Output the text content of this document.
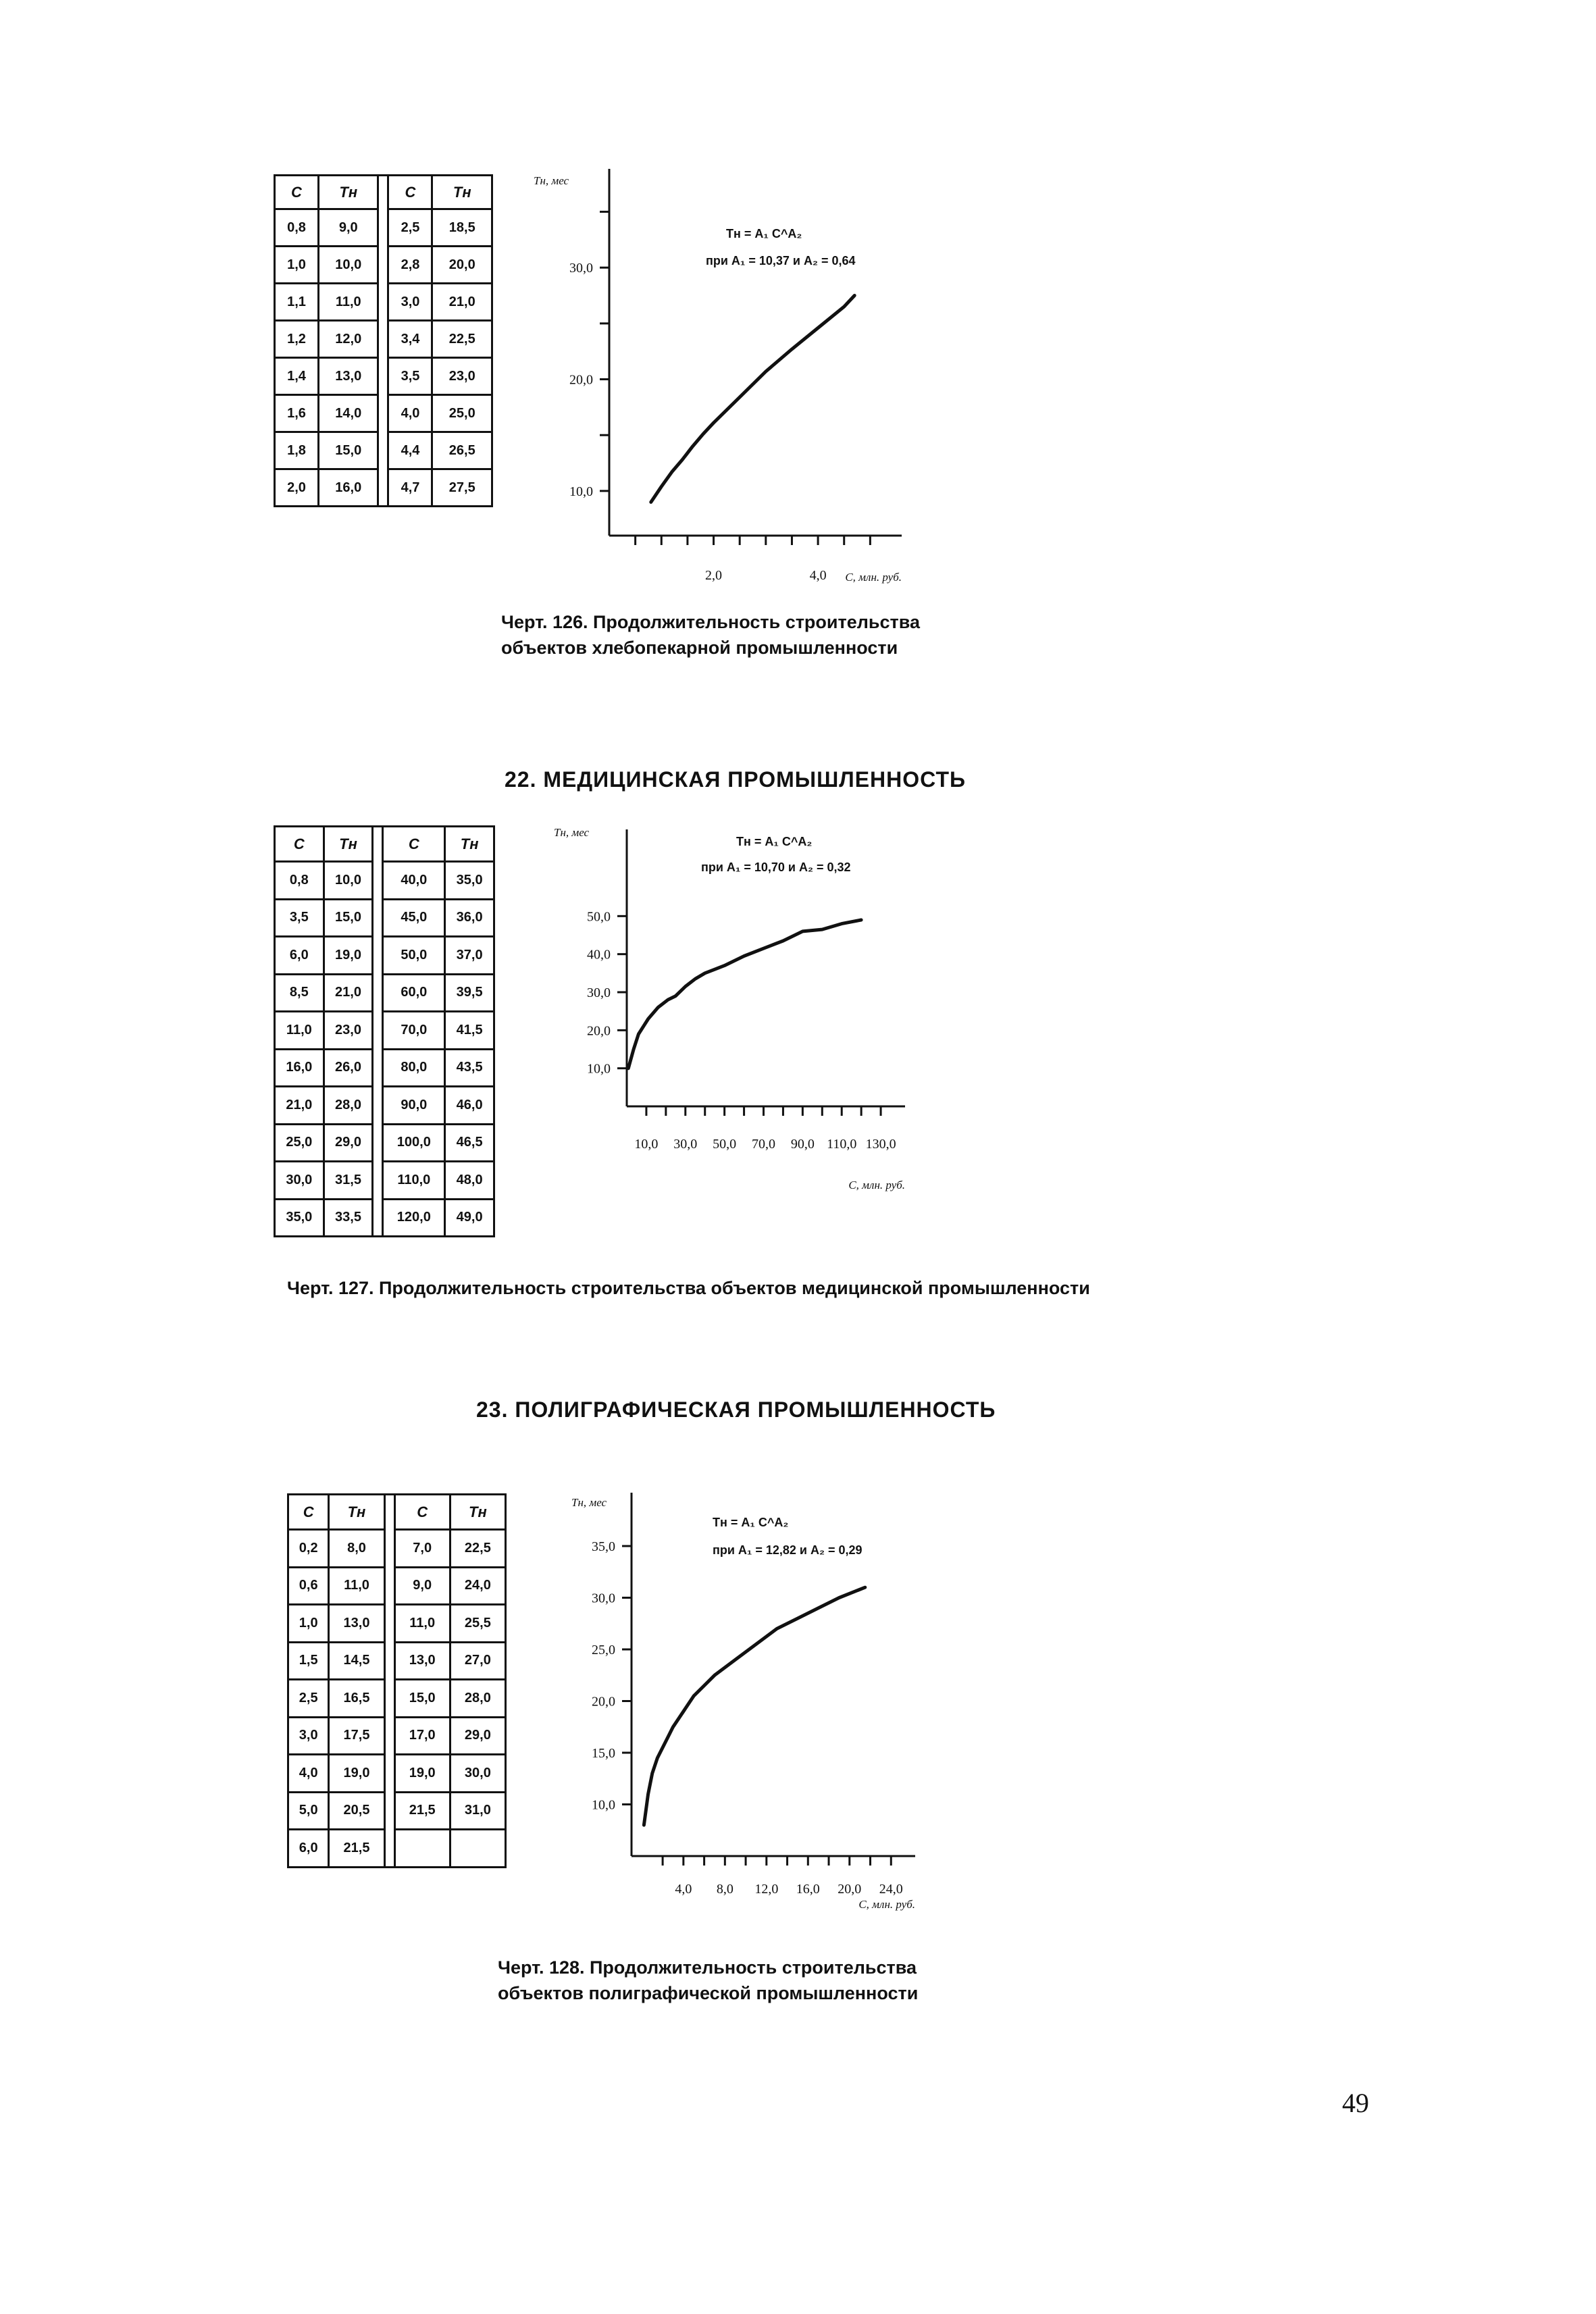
C	Tн		C	Tн
0,8	9,0		2,5	18,5
1,0	10,0		2,8	20,0
1,1	11,0		3,0	21,0
1,2	12,0		3,4	22,5
1,4	13,0		3,5	23,0
1,6	14,0		4,0	25,0
1,8	15,0		4,4	26,5
2,0	16,0		4,7	27,5
Tн, мес
Tн = A₁ C^A₂
при A₁ = 10,37 и A₂ = 0,64
C, млн. руб.
30,0
20,0
10,0
2,0	4,0
Черт. 126. Продолжительность строительства
объектов хлебопекарной промышленности
22. МЕДИЦИНСКАЯ ПРОМЫШЛЕННОСТЬ
C	Tн		C	Tн
0,8	10,0		40,0	35,0
3,5	15,0		45,0	36,0
6,0	19,0		50,0	37,0
8,5	21,0		60,0	39,5
11,0	23,0		70,0	41,5
16,0	26,0		80,0	43,5
21,0	28,0		90,0	46,0
25,0	29,0		100,0	46,5
30,0	31,5		110,0	48,0
35,0	33,5		120,0	49,0
Tн, мес
Tн = A₁ C^A₂
при A₁ = 10,70 и A₂ = 0,32
C, млн. руб.
50,0
40,0
30,0
20,0
10,0
10,0 30,0 50,0 70,0 90,0 110,0 130,0
Черт. 127. Продолжительность строительства объектов медицинской промышленности
23. ПОЛИГРАФИЧЕСКАЯ ПРОМЫШЛЕННОСТЬ
C	Tн		C	Tн
0,2	8,0		7,0	22,5
0,6	11,0		9,0	24,0
1,0	13,0		11,0	25,5
1,5	14,5		13,0	27,0
2,5	16,5		15,0	28,0
3,0	17,5		17,0	29,0
4,0	19,0		19,0	30,0
5,0	20,5		21,5	31,0
6,0	21,5			
Tн, мес
Tн = A₁ C^A₂
при A₁ = 12,82 и A₂ = 0,29
C, млн. руб.
35,0
30,0
25,0
20,0
15,0
10,0
4,0 8,0 12,0 16,0 20,0 24,0
Черт. 128. Продолжительность строительства
объектов полиграфической промышленности
49
